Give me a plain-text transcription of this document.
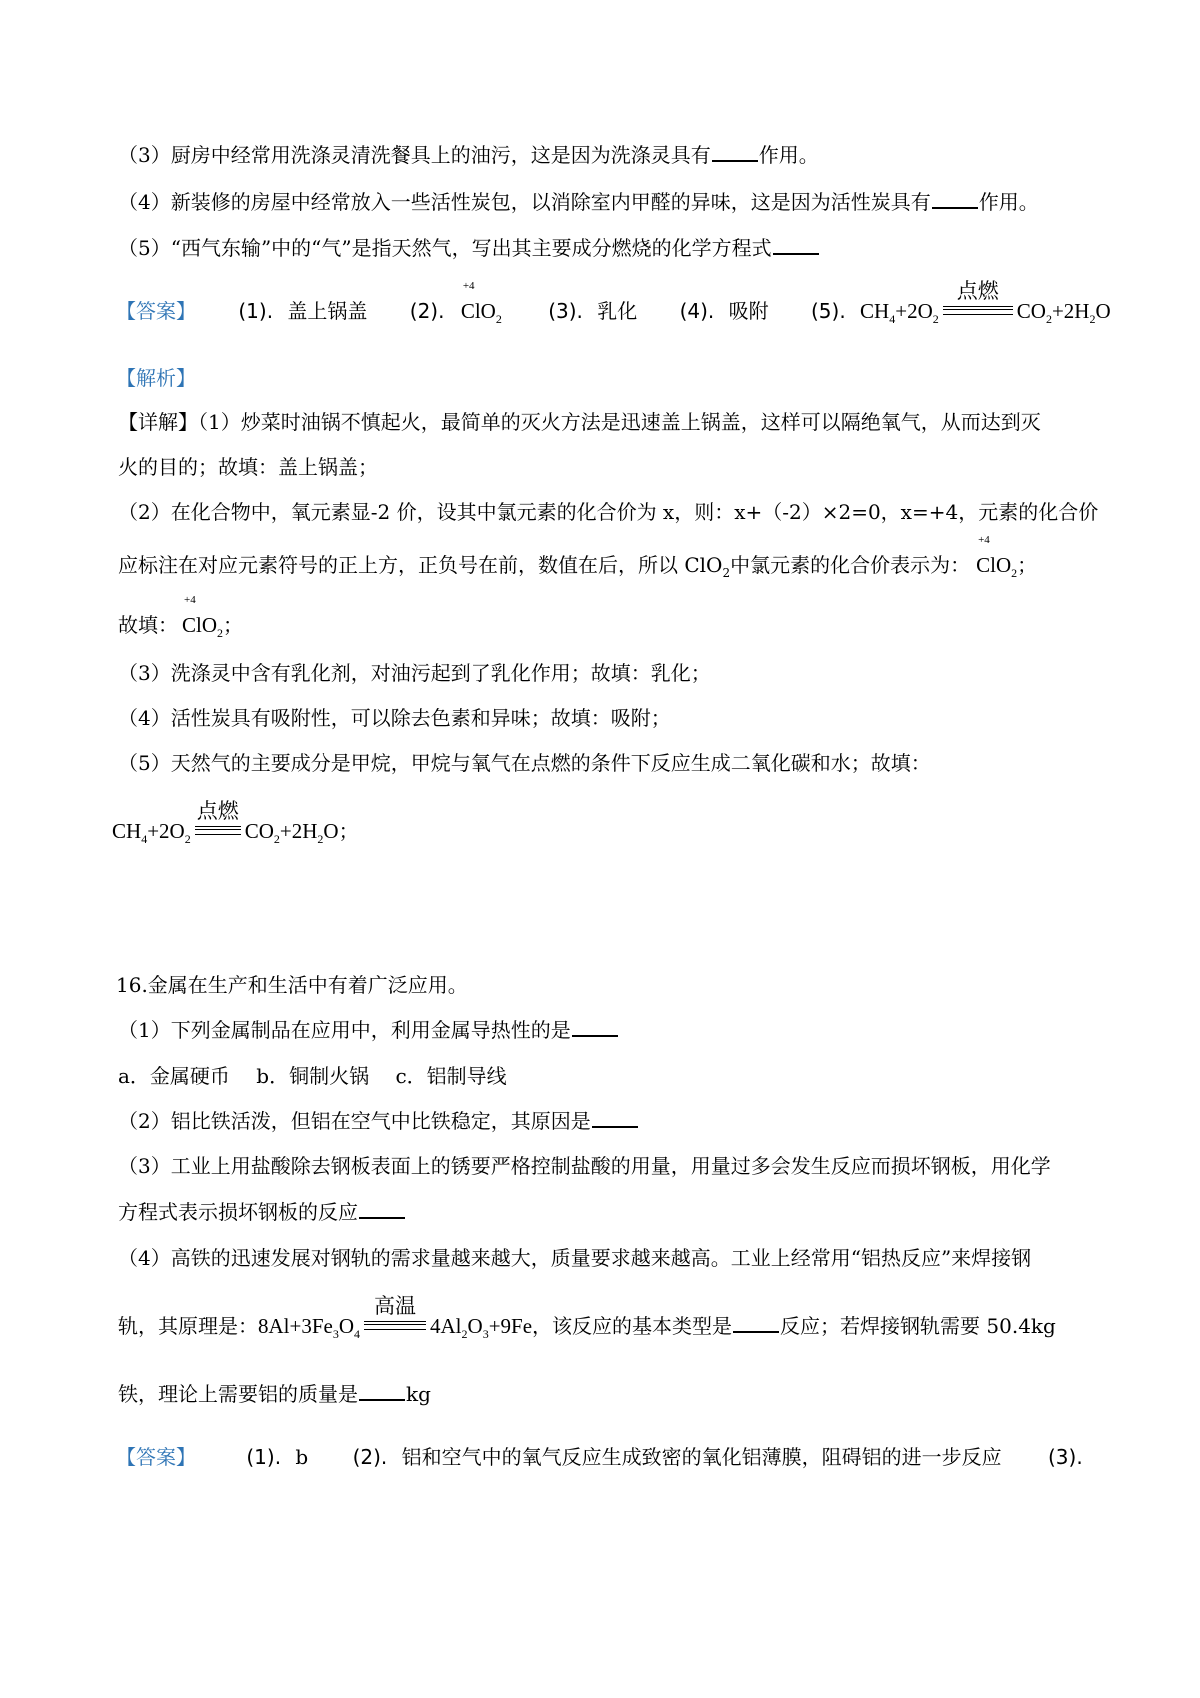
（3）厨房中经常用洗涤灵清洗餐具上的油污，这是因为洗涤灵具有 作用。
（4）新装修的房屋中经常放入一些活性炭包，以消除室内甲醛的异味，这是因为活性炭具有 作用。
（5）“西气东输”中的“气”是指天然气，写出其主要成分燃烧的化学方程式
【答案】 (1). 盖上锅盖 (2).
+4
ClO$_2$ (3). 乳化 (4). 吸附 (5). $CH_4+2O_2$
点燃
$CO_2+2H_2O$
【解析】
【详解】（1）炒菜时油锅不慎起火，最简单的灭火方法是迅速盖上锅盖，这样可以隔绝氧气，从而达到灭
火的目的；故填：盖上锅盖；
（2）在化合物中，氧元素显-2 价，设其中氯元素的化合价为 x，则：x+（-2）×2=0，x=+4，元素的化合价
应标注在对应元素符号的正上方，正负号在前，数值在后，所以 ClO$_2$中氯元素的化合价表示为：
+4
ClO$_2$；
故填：
+4
ClO$_2$；
（3）洗涤灵中含有乳化剂，对油污起到了乳化作用；故填：乳化；
（4）活性炭具有吸附性，可以除去色素和异味；故填：吸附；
（5）天然气的主要成分是甲烷，甲烷与氧气在点燃的条件下反应生成二氧化碳和水；故填：
$CH_4+2O_2$
点燃
$CO_2+2H_2O$；
16.金属在生产和生活中有着广泛应用。
（1）下列金属制品在应用中，利用金属导热性的是
a．金属硬币　 b．铜制火锅　 c．铝制导线
（2）铝比铁活泼，但铝在空气中比铁稳定，其原因是
（3）工业上用盐酸除去钢板表面上的锈要严格控制盐酸的用量，用量过多会发生反应而损坏钢板，用化学
方程式表示损坏钢板的反应
（4）高铁的迅速发展对钢轨的需求量越来越大，质量要求越来越高。工业上经常用“铝热反应”来焊接钢
轨，其原理是：$8Al+3Fe_3O_4$
高温
$4Al_2O_3+9Fe$，该反应的基本类型是 反应；若焊接钢轨需要 50.4kg
铁，理论上需要铝的质量是 kg
【答案】	(1). b (2). 铝和空气中的氧气反应生成致密的氧化铝薄膜，阻碍铝的进一步反应 (3).
